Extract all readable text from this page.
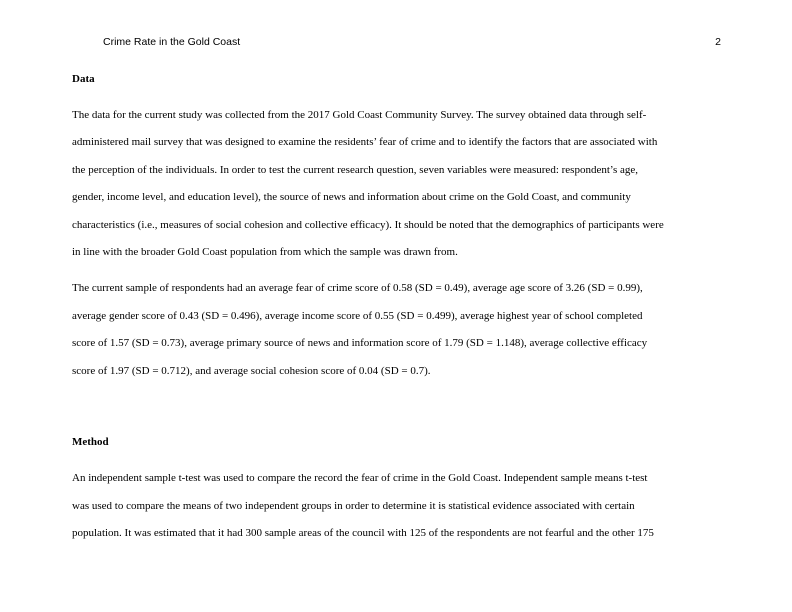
Crime Rate in the Gold Coast	2
Data
The data for the current study was collected from the 2017 Gold Coast Community Survey. The survey obtained data through self-
administered mail survey that was designed to examine the residents’ fear of crime and to identify the factors that are associated with
the perception of the individuals. In order to test the current research question, seven variables were measured: respondent’s age,
gender, income level, and education level), the source of news and information about crime on the Gold Coast, and community
characteristics (i.e., measures of social cohesion and collective efficacy). It should be noted that the demographics of participants were
in line with the broader Gold Coast population from which the sample was drawn from.
The current sample of respondents had an average fear of crime score of 0.58 (SD = 0.49), average age score of 3.26 (SD = 0.99),
average gender score of 0.43 (SD = 0.496), average income score of 0.55 (SD = 0.499), average highest year of school completed
score of 1.57 (SD = 0.73), average primary source of news and information score of 1.79 (SD = 1.148), average collective efficacy
score of 1.97 (SD = 0.712), and average social cohesion score of 0.04 (SD = 0.7).
Method
An independent sample t-test was used to compare the record the fear of crime in the Gold Coast. Independent sample means t-test
was used to compare the means of two independent groups in order to determine it is statistical evidence associated with certain
population. It was estimated that it had 300 sample areas of the council with 125 of the respondents are not fearful and the other 175
